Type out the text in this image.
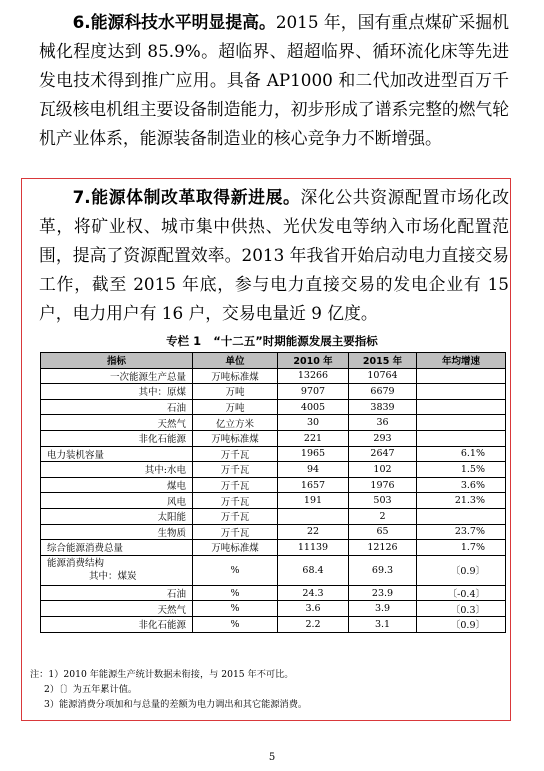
6.能源科技水平明显提高。2015 年，国有重点煤矿采掘机械化程度达到 85.9%。超临界、超超临界、循环流化床等先进发电技术得到推广应用。具备 AP1000 和二代加改进型百万千瓦级核电机组主要设备制造能力，初步形成了谱系完整的燃气轮机产业体系，能源装备制造业的核心竞争力不断增强。

7.能源体制改革取得新进展。深化公共资源配置市场化改革，将矿业权、城市集中供热、光伏发电等纳入市场化配置范围，提高了资源配置效率。2013 年我省开始启动电力直接交易工作，截至 2015 年底，参与电力直接交易的发电企业有 15 户，电力用户有 16 户，交易电量近 9 亿度。

专栏 1   “十二五”时期能源发展主要指标
指标	单位	2010 年	2015 年	年均增速
一次能源生产总量	万吨标准煤	13266	10764	
其中：原煤	万吨	9707	6679	
石油	万吨	4005	3839	
天然气	亿立方米	30	36	
非化石能源	万吨标准煤	221	293	
电力装机容量	万千瓦	1965	2647	6.1%
其中:水电	万千瓦	94	102	1.5%
煤电	万千瓦	1657	1976	3.6%
风电	万千瓦	191	503	21.3%
太阳能	万千瓦		2	
生物质	万千瓦	22	65	23.7%
综合能源消费总量	万吨标准煤	11139	12126	1.7%

能源消费结构
其中：煤炭	%	68.4	69.3	〔0.9〕
石油	%	24.3	23.9	〔-0.4〕
天然气	%	3.6	3.9	〔0.3〕
非化石能源	%	2.2	3.1	〔0.9〕
注：1）2010 年能源生产统计数据未衔接，与 2015 年不可比。
2）〔〕为五年累计值。
3）能源消费分项加和与总量的差额为电力调出和其它能源消费。
5
